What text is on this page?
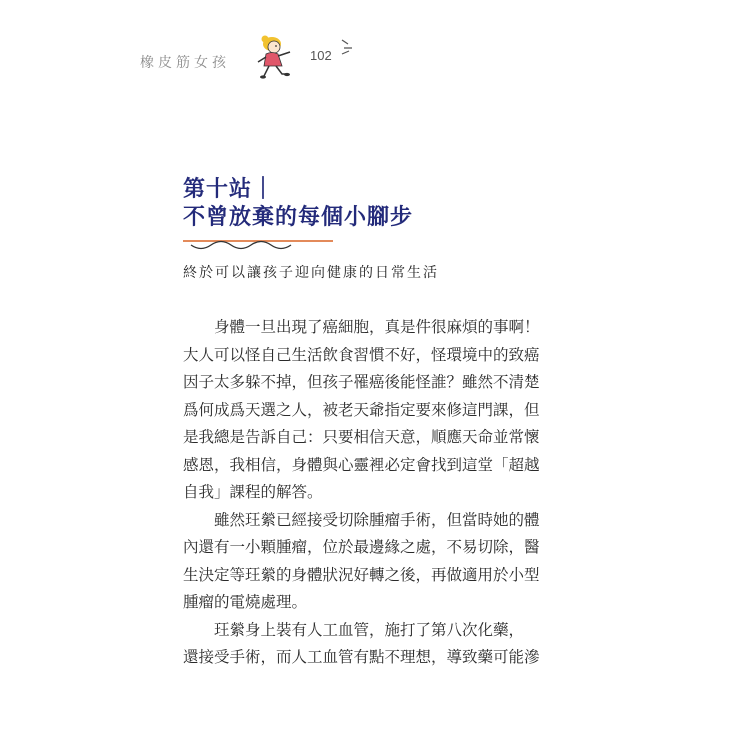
橡皮筋女孩	102
第十站｜
不曾放棄的每個小腳步
終於可以讓孩子迎向健康的日常生活
身體一旦出現了癌細胞，真是件很麻煩的事啊！
大人可以怪自己生活飲食習慣不好，怪環境中的致癌
因子太多躲不掉，但孩子罹癌後能怪誰？雖然不清楚
爲何成爲天選之人，被老天爺指定要來修這門課，但
是我總是告訴自己：只要相信天意，順應天命並常懷
感恩，我相信，身體與心靈裡必定會找到這堂「超越
自我」課程的解答。
雖然玨縈已經接受切除腫瘤手術，但當時她的體
內還有一小顆腫瘤，位於最邊緣之處，不易切除，醫
生決定等玨縈的身體狀況好轉之後，再做適用於小型
腫瘤的電燒處理。
玨縈身上裝有人工血管，施打了第八次化藥，
還接受手術，而人工血管有點不理想，導致藥可能滲
